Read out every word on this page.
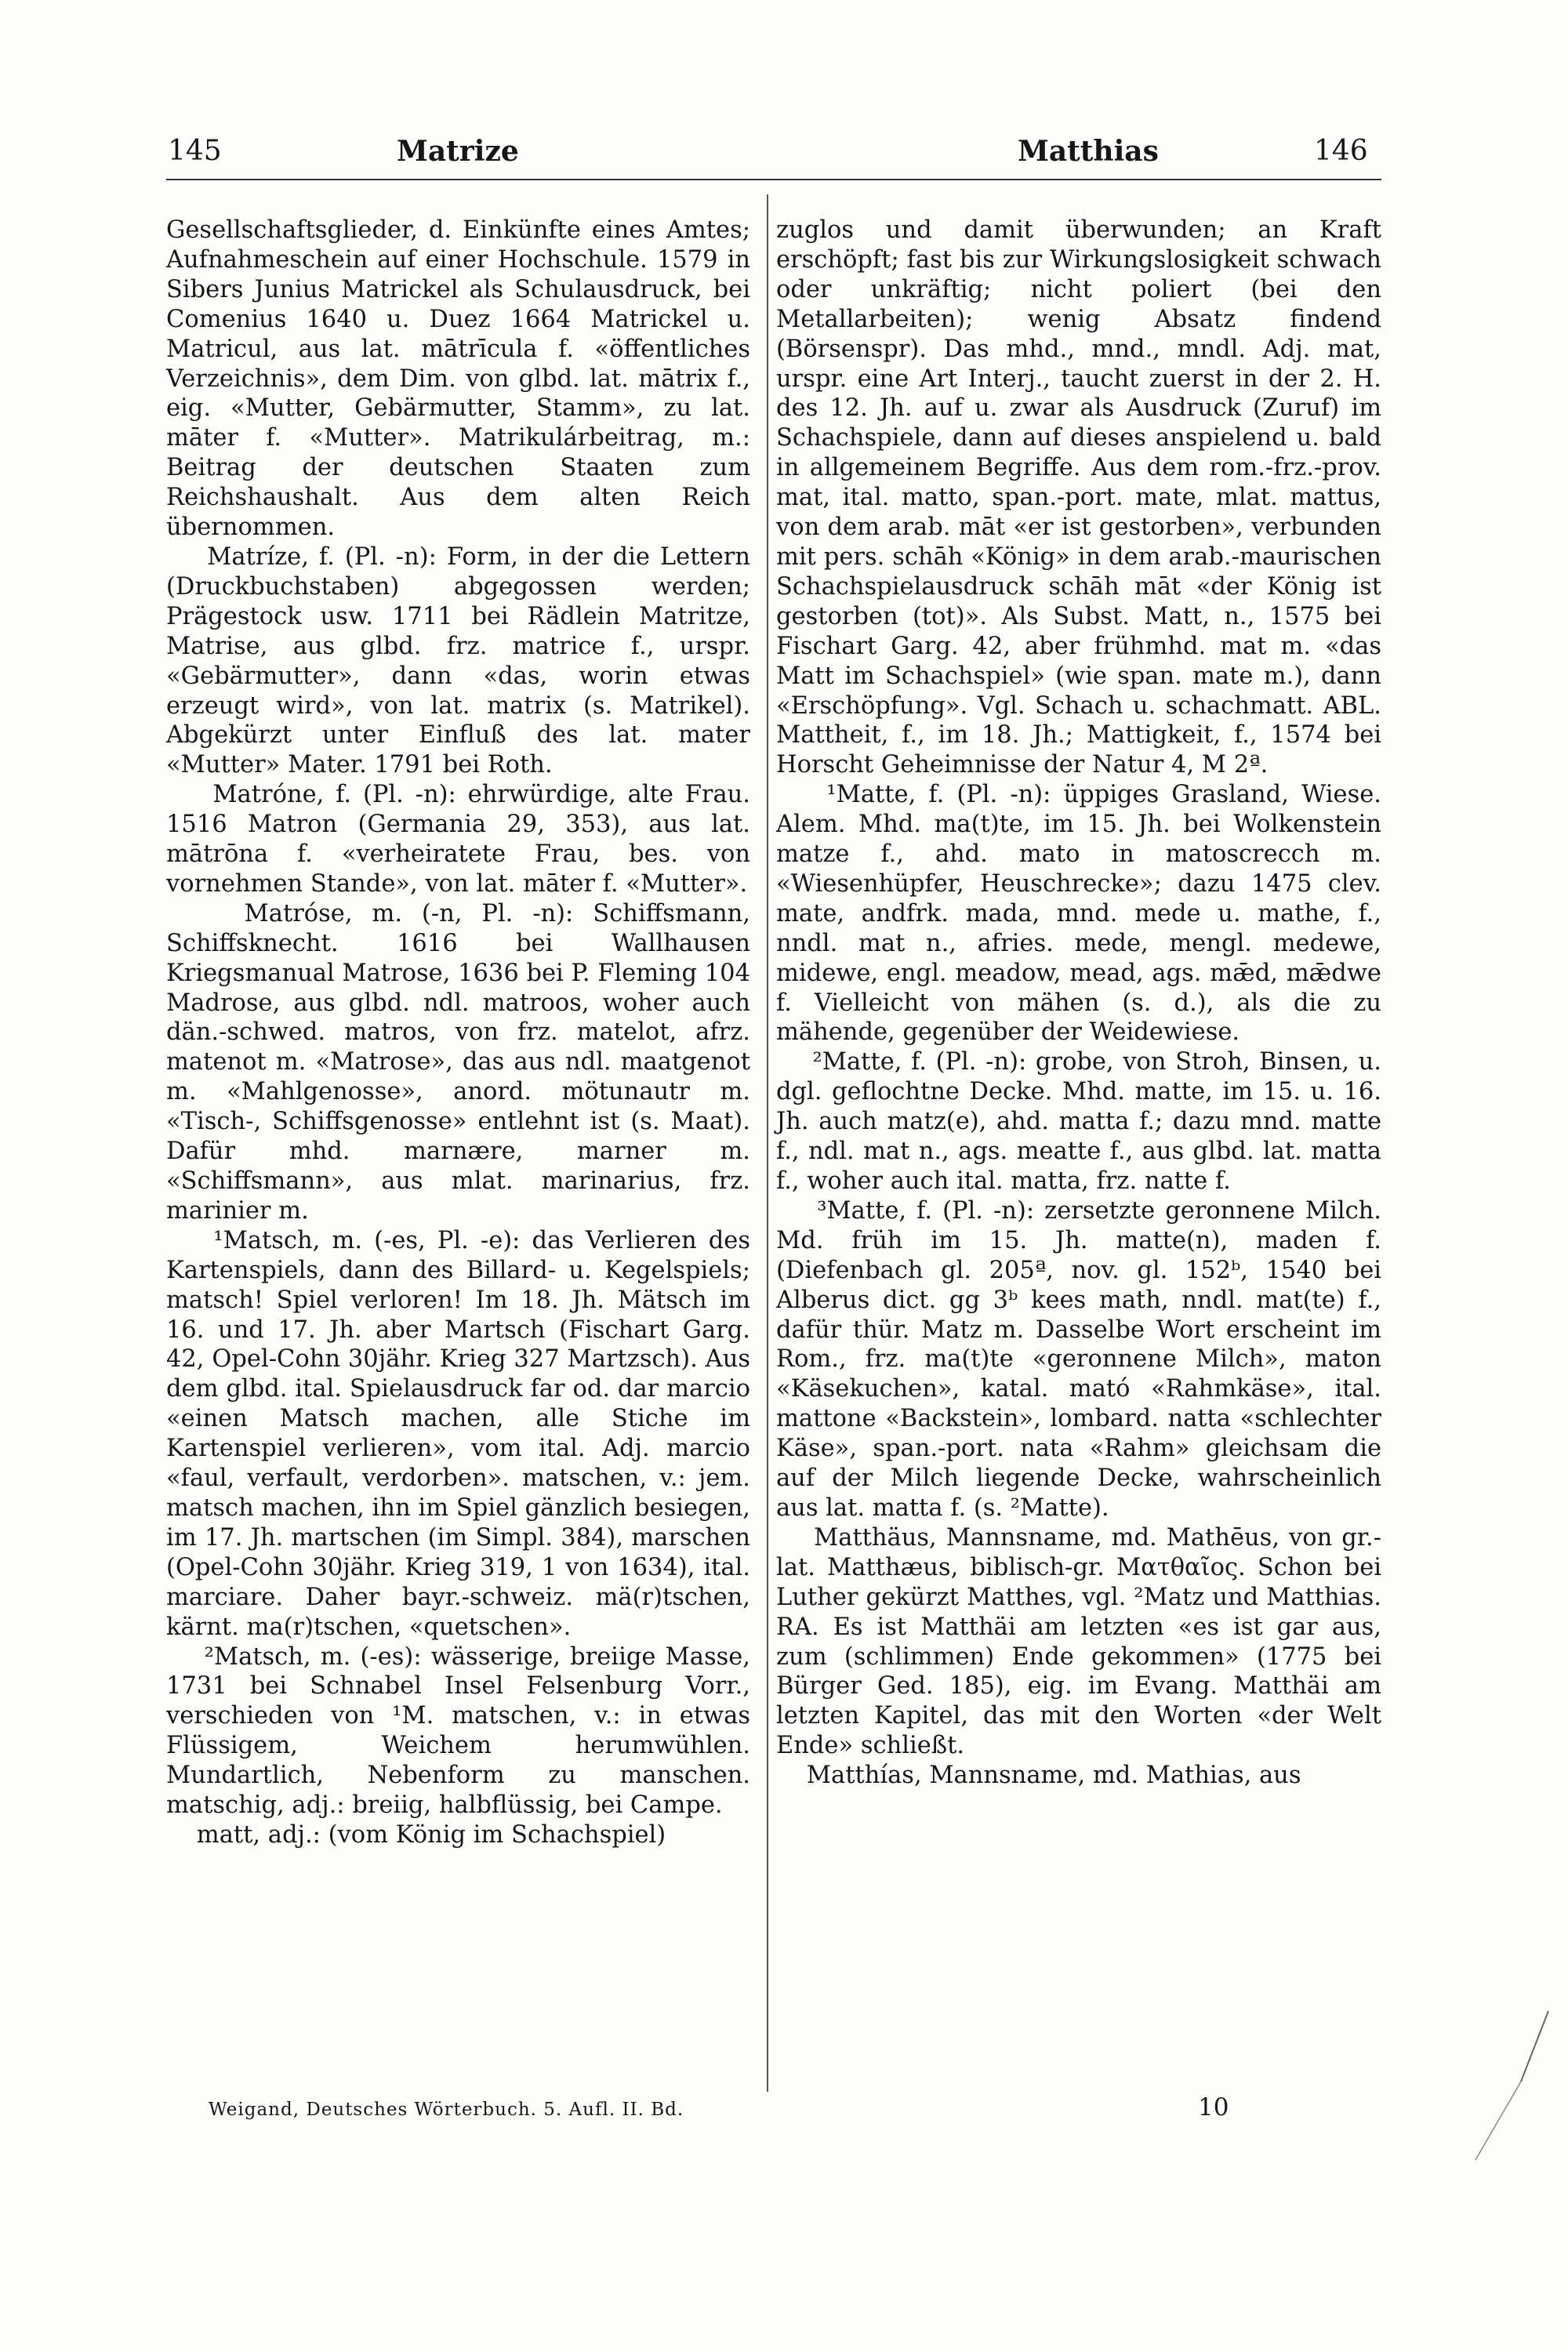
145	Matrize	Matthias	146
Gesellschaftsglieder, d. Einkünfte eines Amtes; Aufnahmeschein auf einer Hochschule. 1579 in Sibers Junius Matrickel als Schulausdruck, bei Comenius 1640 u. Duez 1664 Matrickel u. Matricul, aus lat. mātrīcula f. «öffentliches Verzeichnis», dem Dim. von glbd. lat. mātrix f., eig. «Mutter, Gebärmutter, Stamm», zu lat. māter f. «Mutter». Matrikulárbeitrag, m.: Beitrag der deutschen Staaten zum Reichshaushalt. Aus dem alten Reich übernommen.
Matríze, f. (Pl. -n): Form, in der die Lettern (Druckbuchstaben) abgegossen werden; Prägestock usw. 1711 bei Rädlein Matritze, Matrise, aus glbd. frz. matrice f., urspr. «Gebärmutter», dann «das, worin etwas erzeugt wird», von lat. matrix (s. Matrikel). Abgekürzt unter Einfluß des lat. mater «Mutter» Mater. 1791 bei Roth.
Matróne, f. (Pl. -n): ehrwürdige, alte Frau. 1516 Matron (Germania 29, 353), aus lat. mātrōna f. «verheiratete Frau, bes. von vornehmen Stande», von lat. māter f. «Mutter».
Matróse, m. (-n, Pl. -n): Schiffsmann, Schiffsknecht. 1616 bei Wallhausen Kriegsmanual Matrose, 1636 bei P. Fleming 104 Madrose, aus glbd. ndl. matroos, woher auch dän.-schwed. matros, von frz. matelot, afrz. matenot m. «Matrose», das aus ndl. maatgenot m. «Mahlgenosse», anord. mötunautr m. «Tisch-, Schiffsgenosse» entlehnt ist (s. Maat). Dafür mhd. marnære, marner m. «Schiffsmann», aus mlat. marinarius, frz. marinier m.
¹Matsch, m. (-es, Pl. -e): das Verlieren des Kartenspiels, dann des Billard- u. Kegelspiels; matsch! Spiel verloren! Im 18. Jh. Mätsch im 16. und 17. Jh. aber Martsch (Fischart Garg. 42, Opel-Cohn 30jähr. Krieg 327 Martzsch). Aus dem glbd. ital. Spielausdruck far od. dar marcio «einen Matsch machen, alle Stiche im Kartenspiel verlieren», vom ital. Adj. marcio «faul, verfault, verdorben». matschen, v.: jem. matsch machen, ihn im Spiel gänzlich besiegen, im 17. Jh. martschen (im Simpl. 384), marschen (Opel-Cohn 30jähr. Krieg 319, 1 von 1634), ital. marciare. Daher bayr.-schweiz. mä(r)tschen, kärnt. ma(r)tschen, «quetschen».
²Matsch, m. (-es): wässerige, breiige Masse, 1731 bei Schnabel Insel Felsenburg Vorr., verschieden von ¹M. matschen, v.: in etwas Flüssigem, Weichem herumwühlen. Mundartlich, Nebenform zu manschen. matschig, adj.: breiig, halbflüssig, bei Campe.
matt, adj.: (vom König im Schachspiel)
zuglos und damit überwunden; an Kraft erschöpft; fast bis zur Wirkungslosigkeit schwach oder unkräftig; nicht poliert (bei den Metallarbeiten); wenig Absatz findend (Börsenspr). Das mhd., mnd., mndl. Adj. mat, urspr. eine Art Interj., taucht zuerst in der 2. H. des 12. Jh. auf u. zwar als Ausdruck (Zuruf) im Schachspiele, dann auf dieses anspielend u. bald in allgemeinem Begriffe. Aus dem rom.-frz.-prov. mat, ital. matto, span.-port. mate, mlat. mattus, von dem arab. māt «er ist gestorben», verbunden mit pers. schāh «König» in dem arab.-maurischen Schachspielausdruck schāh māt «der König ist gestorben (tot)». Als Subst. Matt, n., 1575 bei Fischart Garg. 42, aber frühmhd. mat m. «das Matt im Schachspiel» (wie span. mate m.), dann «Erschöpfung». Vgl. Schach u. schachmatt. ABL. Mattheit, f., im 18. Jh.; Mattigkeit, f., 1574 bei Horscht Geheimnisse der Natur 4, M 2ª.
¹Matte, f. (Pl. -n): üppiges Grasland, Wiese. Alem. Mhd. ma(t)te, im 15. Jh. bei Wolkenstein matze f., ahd. mato in matoscrecch m. «Wiesenhüpfer, Heuschrecke»; dazu 1475 clev. mate, andfrk. mada, mnd. mede u. mathe, f., nndl. mat n., afries. mede, mengl. medewe, midewe, engl. meadow, mead, ags. mǣd, mǣdwe f. Vielleicht von mähen (s. d.), als die zu mähende, gegenüber der Weidewiese.
²Matte, f. (Pl. -n): grobe, von Stroh, Binsen, u. dgl. geflochtne Decke. Mhd. matte, im 15. u. 16. Jh. auch matz(e), ahd. matta f.; dazu mnd. matte f., ndl. mat n., ags. meatte f., aus glbd. lat. matta f., woher auch ital. matta, frz. natte f.
³Matte, f. (Pl. -n): zersetzte geronnene Milch. Md. früh im 15. Jh. matte(n), maden f. (Diefenbach gl. 205ª, nov. gl. 152ᵇ, 1540 bei Alberus dict. gg 3ᵇ kees math, nndl. mat(te) f., dafür thür. Matz m. Dasselbe Wort erscheint im Rom., frz. ma(t)te «geronnene Milch», maton «Käsekuchen», katal. mató «Rahmkäse», ital. mattone «Backstein», lombard. natta «schlechter Käse», span.-port. nata «Rahm» gleichsam die auf der Milch liegende Decke, wahrscheinlich aus lat. matta f. (s. ²Matte).
Matthäus, Mannsname, md. Mathēus, von gr.-lat. Matthæus, biblisch-gr. Ματθαῖος. Schon bei Luther gekürzt Matthes, vgl. ²Matz und Matthias. RA. Es ist Matthäi am letzten «es ist gar aus, zum (schlimmen) Ende gekommen» (1775 bei Bürger Ged. 185), eig. im Evang. Matthäi am letzten Kapitel, das mit den Worten «der Welt Ende» schließt.
Matthías, Mannsname, md. Mathias, aus
Weigand, Deutsches Wörterbuch. 5. Aufl. II. Bd.	10
